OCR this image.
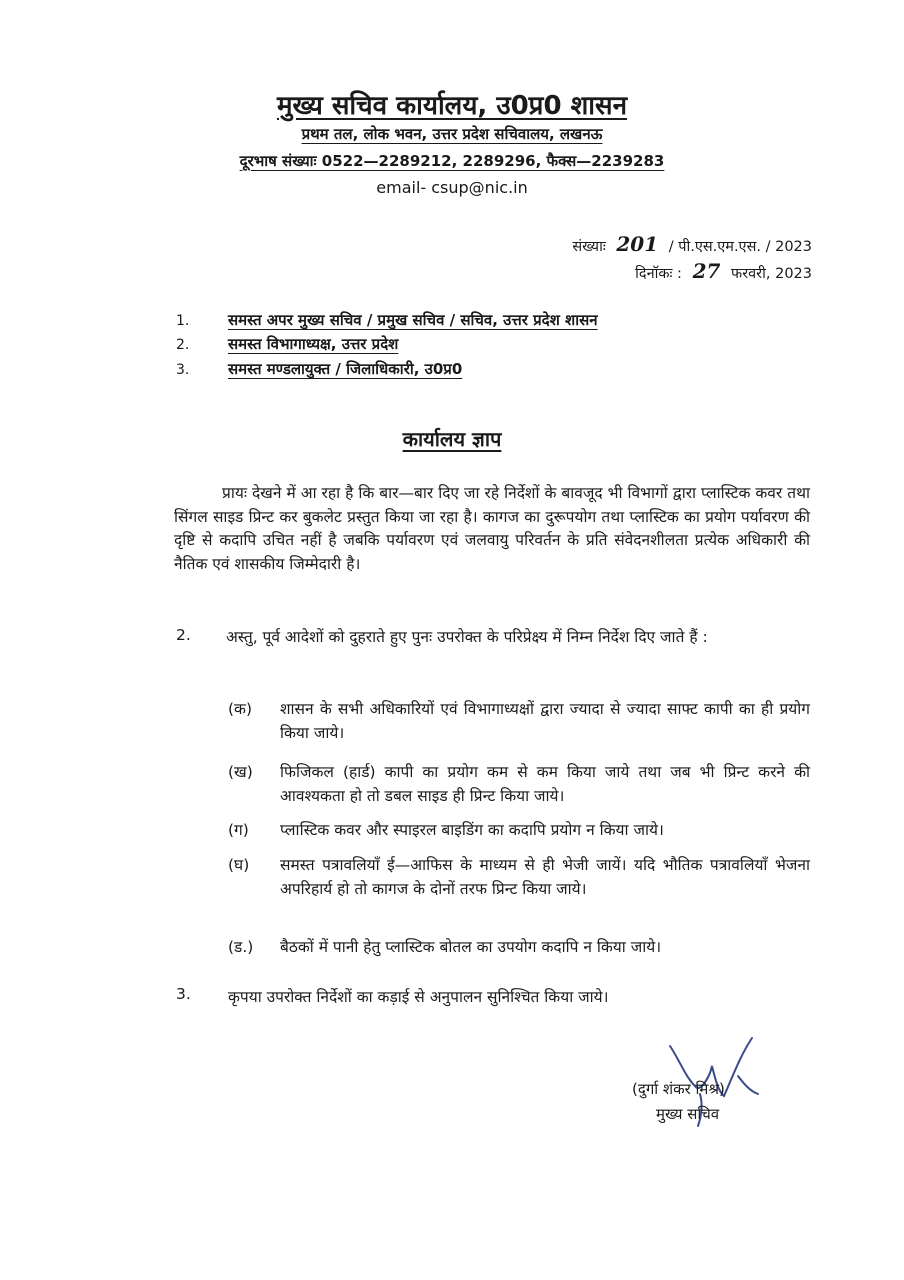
मुख्य सचिव कार्यालय, उ0प्र0 शासन
प्रथम तल, लोक भवन, उत्तर प्रदेश सचिवालय, लखनऊ
दूरभाष संख्याः 0522—2289212, 2289296, फैक्स—2239283
email- csup@nic.in
संख्याः 201 / पी.एस.एम.एस. / 2023
दिनॉकः : 27 फरवरी, 2023
1.	समस्त अपर मुख्य सचिव / प्रमुख सचिव / सचिव, उत्तर प्रदेश शासन
2.	समस्त विभागाध्यक्ष, उत्तर प्रदेश
3.	समस्त मण्डलायुक्त / जिलाधिकारी, उ0प्र0
कार्यालय ज्ञाप
प्रायः देखने में आ रहा है कि बार—बार दिए जा रहे निर्देशों के बावजूद भी विभागों द्वारा प्लास्टिक कवर तथा सिंगल साइड प्रिन्ट कर बुकलेट प्रस्तुत किया जा रहा है। कागज का दुरूपयोग तथा प्लास्टिक का प्रयोग पर्यावरण की दृष्टि से कदापि उचित नहीं है जबकि पर्यावरण एवं जलवायु परिवर्तन के प्रति संवेदनशीलता प्रत्येक अधिकारी की नैतिक एवं शासकीय जिम्मेदारी है।
2.	अस्तु, पूर्व आदेशों को दुहराते हुए पुनः उपरोक्त के परिप्रेक्ष्य में निम्न निर्देश दिए जाते हैं :
(क) शासन के सभी अधिकारियों एवं विभागाध्यक्षों द्वारा ज्यादा से ज्यादा साफ्ट कापी का ही प्रयोग किया जाये।
(ख) फिजिकल (हार्ड) कापी का प्रयोग कम से कम किया जाये तथा जब भी प्रिन्ट करने की आवश्यकता हो तो डबल साइड ही प्रिन्ट किया जाये।
(ग) प्लास्टिक कवर और स्पाइरल बाइडिंग का कदापि प्रयोग न किया जाये।
(घ) समस्त पत्रावलियाँ ई—आफिस के माध्यम से ही भेजी जायें। यदि भौतिक पत्रावलियाँ भेजना अपरिहार्य हो तो कागज के दोनों तरफ प्रिन्ट किया जाये।
(ड.) बैठकों में पानी हेतु प्लास्टिक बोतल का उपयोग कदापि न किया जाये।
3. कृपया उपरोक्त निर्देशों का कड़ाई से अनुपालन सुनिश्चित किया जाये।
(दुर्गा शंकर मिश्र)
मुख्य सचिव
